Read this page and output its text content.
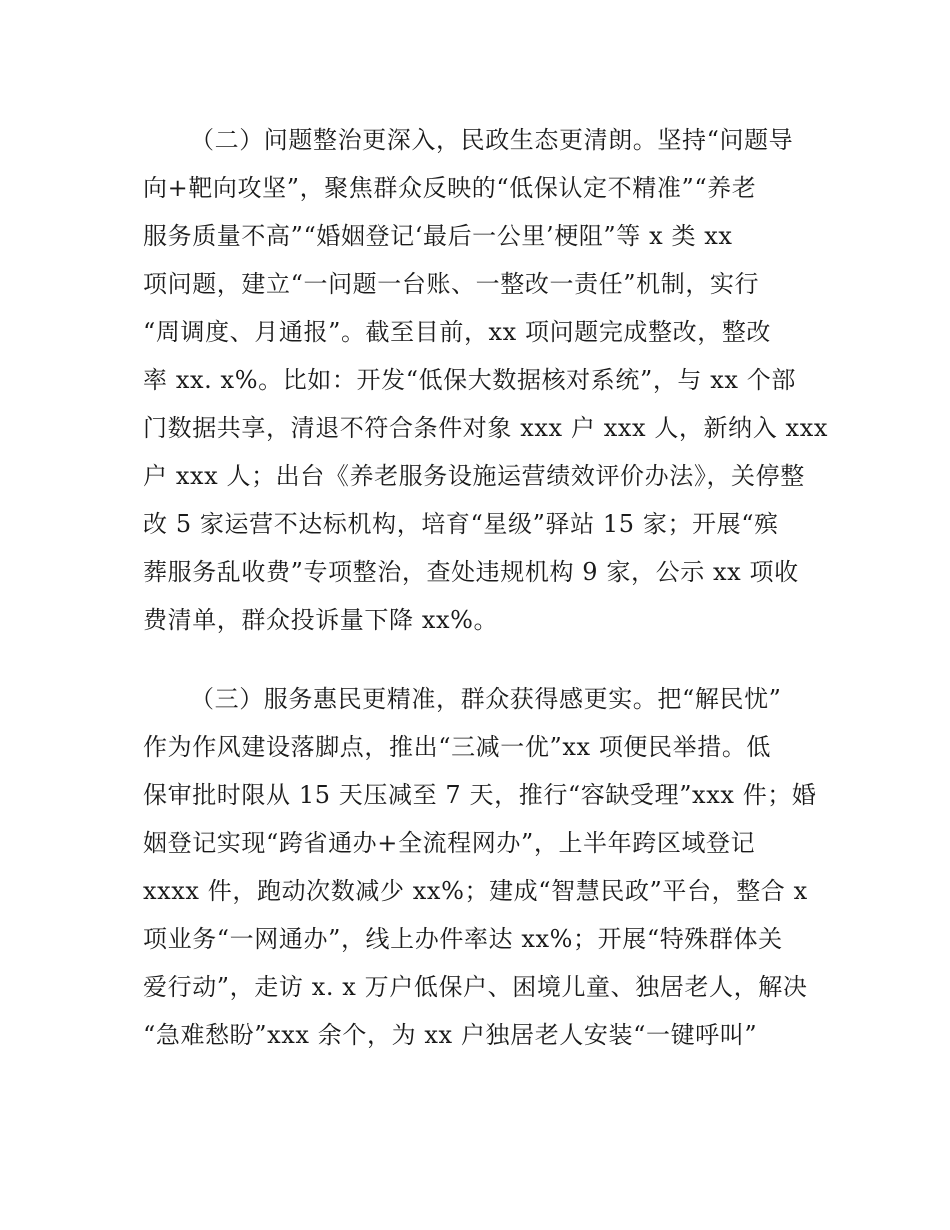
（二）问题整治更深入，民政生态更清朗。坚持“问题导
向+靶向攻坚”，聚焦群众反映的“低保认定不精准”“养老
服务质量不高”“婚姻登记‘最后一公里’梗阻”等 x 类 xx
项问题，建立“一问题一台账、一整改一责任”机制，实行
“周调度、月通报”。截至目前，xx 项问题完成整改，整改
率 xx. x%。比如：开发“低保大数据核对系统”，与 xx 个部
门数据共享，清退不符合条件对象 xxx 户 xxx 人，新纳入 xxx
户 xxx 人；出台《养老服务设施运营绩效评价办法》，关停整
改 5 家运营不达标机构，培育“星级”驿站 15 家；开展“殡
葬服务乱收费”专项整治，查处违规机构 9 家，公示 xx 项收
费清单，群众投诉量下降 xx%。
（三）服务惠民更精准，群众获得感更实。把“解民忧”
作为作风建设落脚点，推出“三减一优”xx 项便民举措。低
保审批时限从 15 天压减至 7 天，推行“容缺受理”xxx 件；婚
姻登记实现“跨省通办+全流程网办”，上半年跨区域登记
xxxx 件，跑动次数减少 xx%；建成“智慧民政”平台，整合 x
项业务“一网通办”，线上办件率达 xx%；开展“特殊群体关
爱行动”，走访 x. x 万户低保户、困境儿童、独居老人，解决
“急难愁盼”xxx 余个，为 xx 户独居老人安装“一键呼叫”
